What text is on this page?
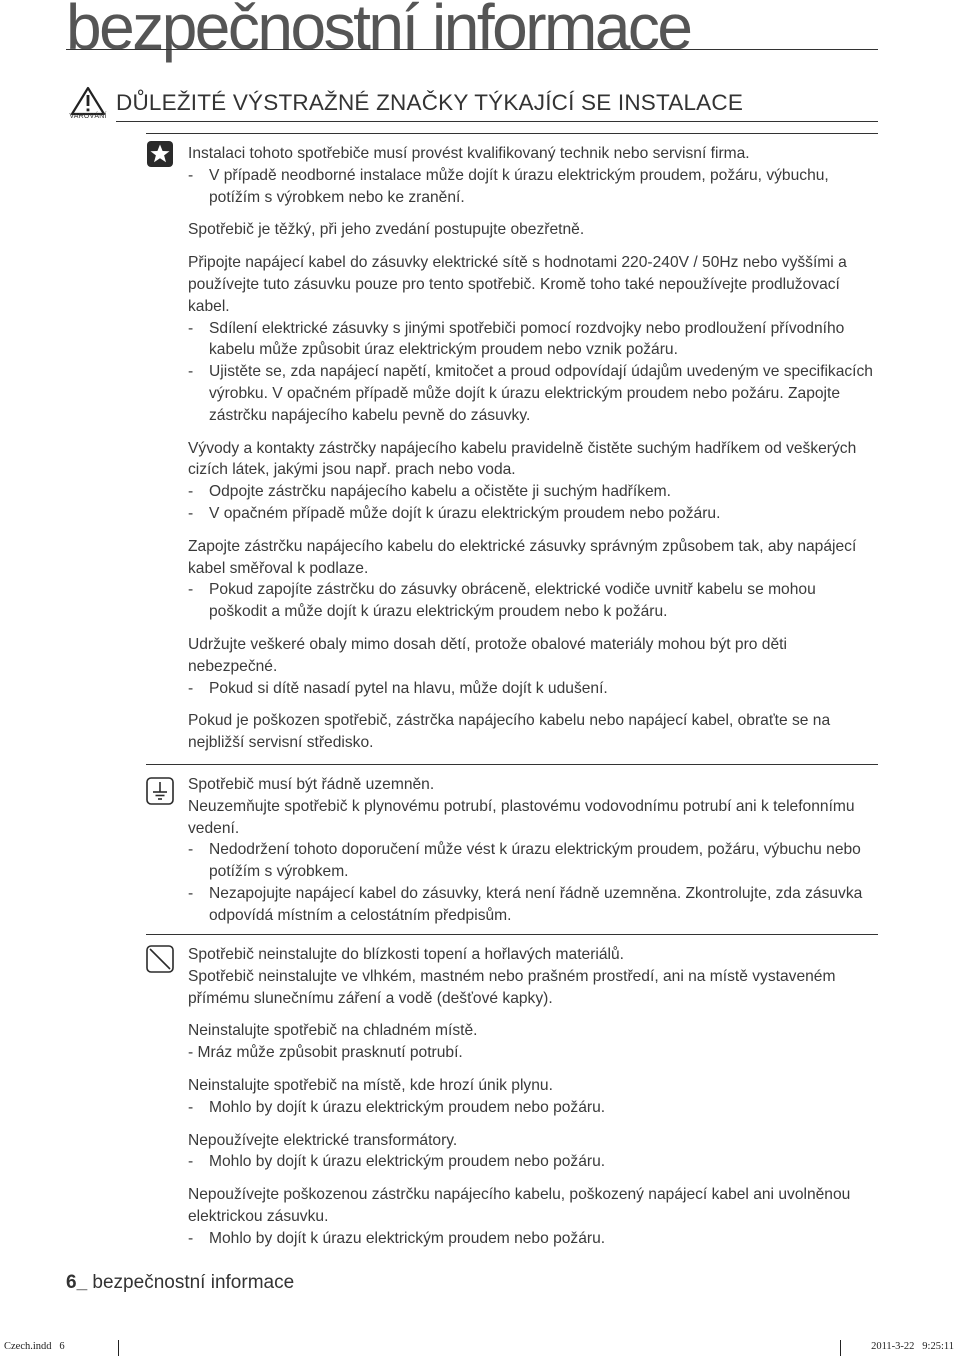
bezpečnostní informace
VAROVÁNÍ
DŮLEŽITÉ VÝSTRAŽNÉ ZNAČKY TÝKAJÍCÍ SE INSTALACE

Instalaci tohoto spotřebiče musí provést kvalifikovaný technik nebo servisní firma.

-	V případě neodborné instalace může dojít k úrazu elektrickým proudem, požáru, výbuchu, potížím s výrobkem nebo ke zranění.

Spotřebič je těžký, při jeho zvedání postupujte obezřetně.

Připojte napájecí kabel do zásuvky elektrické sítě s hodnotami 220-240V / 50Hz nebo vyššími a používejte tuto zásuvku pouze pro tento spotřebič. Kromě toho také nepoužívejte prodlužovací kabel.

-	Sdílení elektrické zásuvky s jinými spotřebiči pomocí rozdvojky nebo prodloužení přívodního kabelu může způsobit úraz elektrickým proudem nebo vznik požáru.
-	Ujistěte se, zda napájecí napětí, kmitočet a proud odpovídají údajům uvedeným ve specifikacích výrobku. V opačném případě může dojít k úrazu elektrickým proudem nebo požáru. Zapojte zástrčku napájecího kabelu pevně do zásuvky.

Vývody a kontakty zástrčky napájecího kabelu pravidelně čistěte suchým hadříkem od veškerých cizích látek, jakými jsou např. prach nebo voda.

-	Odpojte zástrčku napájecího kabelu a očistěte ji suchým hadříkem.
-	V opačném případě může dojít k úrazu elektrickým proudem nebo požáru.

Zapojte zástrčku napájecího kabelu do elektrické zásuvky správným způsobem tak, aby napájecí kabel směřoval k podlaze.

-	Pokud zapojíte zástrčku do zásuvky obráceně, elektrické vodiče uvnitř kabelu se mohou poškodit a může dojít k úrazu elektrickým proudem nebo k požáru.

Udržujte veškeré obaly mimo dosah dětí, protože obalové materiály mohou být pro děti nebezpečné.

-	Pokud si dítě nasadí pytel na hlavu, může dojít k udušení.

Pokud je poškozen spotřebič, zástrčka napájecího kabelu nebo napájecí kabel, obraťte se na nejbližší servisní středisko.

Spotřebič musí být řádně uzemněn.

Neuzemňujte spotřebič k plynovému potrubí, plastovému vodovodnímu potrubí ani k telefonnímu vedení.

-	Nedodržení tohoto doporučení může vést k úrazu elektrickým proudem, požáru, výbuchu nebo potížím s výrobkem.
-	Nezapojujte napájecí kabel do zásuvky, která není řádně uzemněna. Zkontrolujte, zda zásuvka odpovídá místním a celostátním předpisům.

Spotřebič neinstalujte do blízkosti topení a hořlavých materiálů.

Spotřebič neinstalujte ve vlhkém, mastném nebo prašném prostředí, ani na místě vystaveném přímému slunečnímu záření a vodě (dešťové kapky).

Neinstalujte spotřebič na chladném místě.

- Mráz může způsobit prasknutí potrubí.

Neinstalujte spotřebič na místě, kde hrozí únik plynu.

-	Mohlo by dojít k úrazu elektrickým proudem nebo požáru.

Nepoužívejte elektrické transformátory.

-	Mohlo by dojít k úrazu elektrickým proudem nebo požáru.

Nepoužívejte poškozenou zástrčku napájecího kabelu, poškozený napájecí kabel ani uvolněnou elektrickou zásuvku.

-	Mohlo by dojít k úrazu elektrickým proudem nebo požáru.
6_ bezpečnostní informace
Czech.indd   6	2011-3-22   9:25:11
